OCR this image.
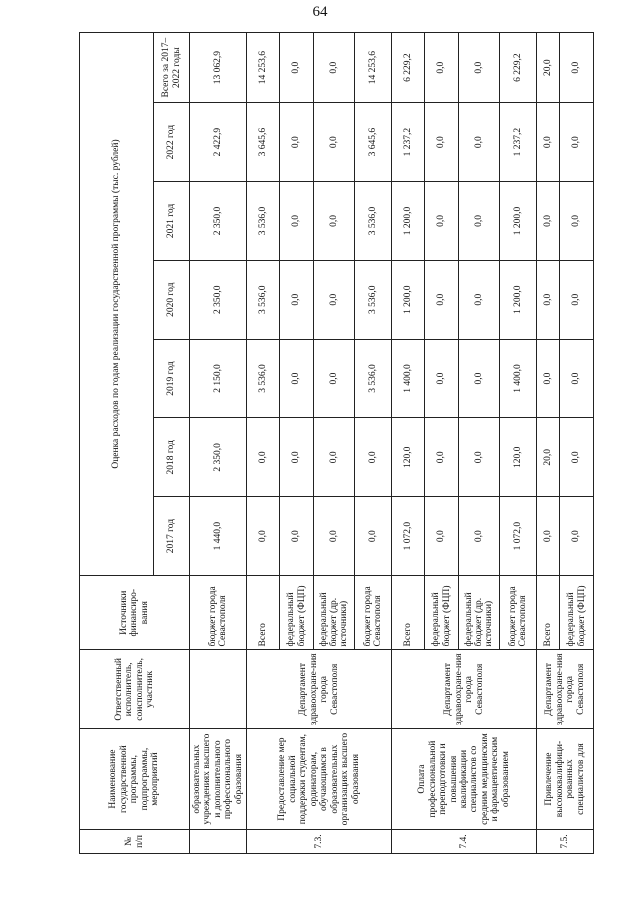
64
№ п/п	Наименование государственной программы, подпрограммы, мероприятий	Ответственный исполнитель, соисполнитель, участник	Источники финансиро-вания	Оценка расходов по годам реализации государственной программы (тыс. рублей)						
				2017 год	2018 год	2019 год	2020 год	2021 год	2022 год	Всего за 2017–2022 годы
	образовательных учреждениях высшего и дополнительного профессионального образования		бюджет города Севастополя	1 440,0	2 350,0	2 150,0	2 350,0	2 350,0	2 422,9	13 062,9
7.3.	Предоставление мер социальной поддержки студентам, ординаторам, обучающимся в образовательных организациях высшего образования	Департамент здравоохране-ния города Севастополя	Всего	0,0	0,0	3 536,0	3 536,0	3 536,0	3 645,6	14 253,6
			федеральный бюджет (ФЦП)	0,0	0,0	0,0	0,0	0,0	0,0	0,0
			федеральный бюджет (др. источники)	0,0	0,0	0,0	0,0	0,0	0,0	0,0
			бюджет города Севастополя	0,0	0,0	3 536,0	3 536,0	3 536,0	3 645,6	14 253,6
7.4.	Оплата профессиональной переподготовки и повышения квалификации специалистов со средним медицинским и фармацевтическим образованием	Департамент здравоохране-ния города Севастополя	Всего	1 072,0	120,0	1 400,0	1 200,0	1 200,0	1 237,2	6 229,2
			федеральный бюджет (ФЦП)	0,0	0,0	0,0	0,0	0,0	0,0	0,0
			федеральный бюджет (др. источники)	0,0	0,0	0,0	0,0	0,0	0,0	0,0
			бюджет города Севастополя	1 072,0	120,0	1 400,0	1 200,0	1 200,0	1 237,2	6 229,2
7.5.	Привлечение высококвалифици-рованных специалистов для	Департамент здравоохране-ния города Севастополя	Всего	0,0	20,0	0,0	0,0	0,0	0,0	20,0
			федеральный бюджет (ФЦП)	0,0	0,0	0,0	0,0	0,0	0,0	0,0
